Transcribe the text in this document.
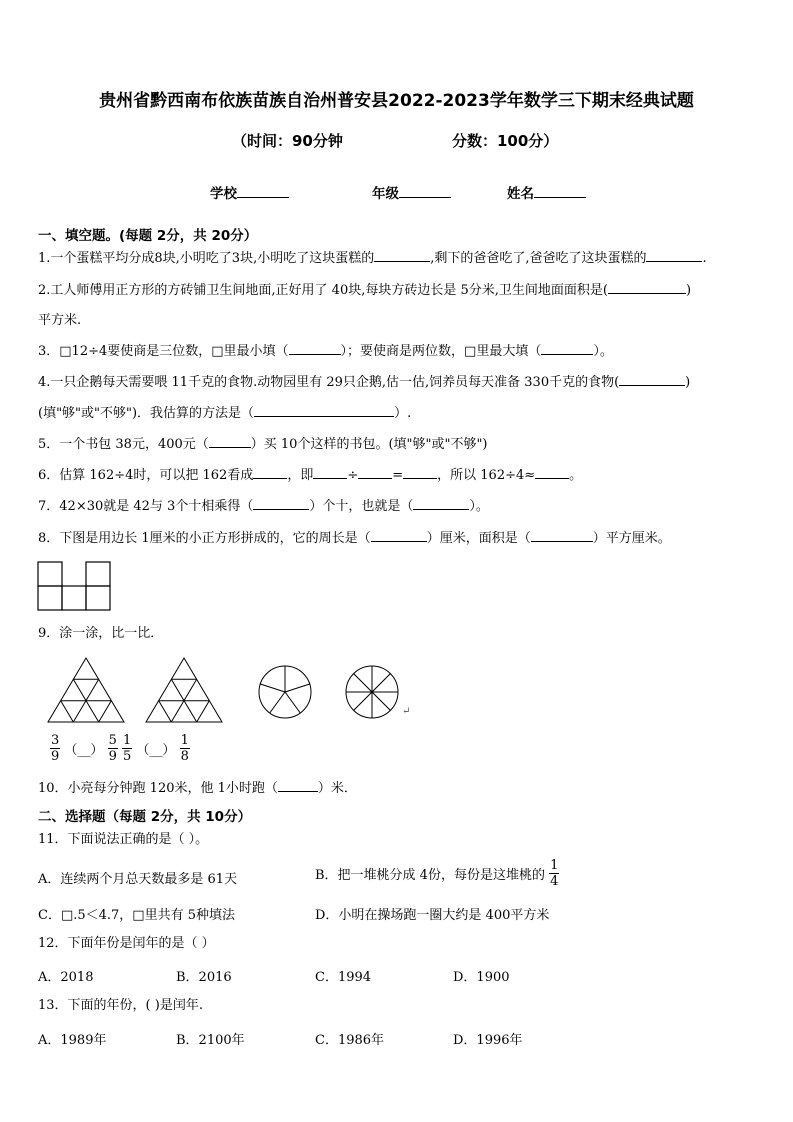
贵州省黔西南布依族苗族自治州普安县2022-2023学年数学三下期末经典试题
（时间：90分钟	分数：100分）
学校	年级	姓名
一、填空题。(每题 2分，共 20分）
1.一个蛋糕平均分成8块,小明吃了3块,小明吃了这块蛋糕的	,剩下的爸爸吃了,爸爸吃了这块蛋糕的	.
2.工人师傅用正方形的方砖铺卫生间地面,正好用了 40块,每块方砖边长是 5分米,卫生间地面面积是(	)
平方米.
3．□12÷4要使商是三位数，□里最小填（	）；要使商是两位数，□里最大填（	）。
4.一只企鹅每天需要喂 11千克的食物.动物园里有 29只企鹅,估一估,饲养员每天准备 330千克的食物(	)
(填"够"或"不够")．我估算的方法是（	）.
5．一个书包 38元，400元（	）买 10个这样的书包。(填"够"或"不够")
6．估算 162÷4时，可以把 162看成	，即	÷	=	，所以 162÷4≈	。
7．42×30就是 42与 3个十相乘得（	）个十，也就是（	）。
8．下图是用边长 1厘米的小正方形拼成的，它的周长是（	）厘米，面积是（	）平方厘米。
9．涂一涂，比一比．
↵
$\frac{3}{9}$ （__） $\frac{5}{9}$
$\frac{1}{5}$ （__） $\frac{1}{8}$
10．小亮每分钟跑 120米，他 1小时跑（	）米．
二、选择题（每题 2分，共 10分）
11．下面说法正确的是（ ）。
A．连续两个月总天数最多是 61天	B．把一堆桃分成 4份，每份是这堆桃的 $\frac{1}{4}$
C．□.5＜4.7，□里共有 5种填法	D．小明在操场跑一圈大约是 400平方米
12．下面年份是闰年的是（ ）
A．2018	B．2016	C．1994	D．1900
13．下面的年份，( )是闰年.
A．1989年	B．2100年	C．1986年	D．1996年
